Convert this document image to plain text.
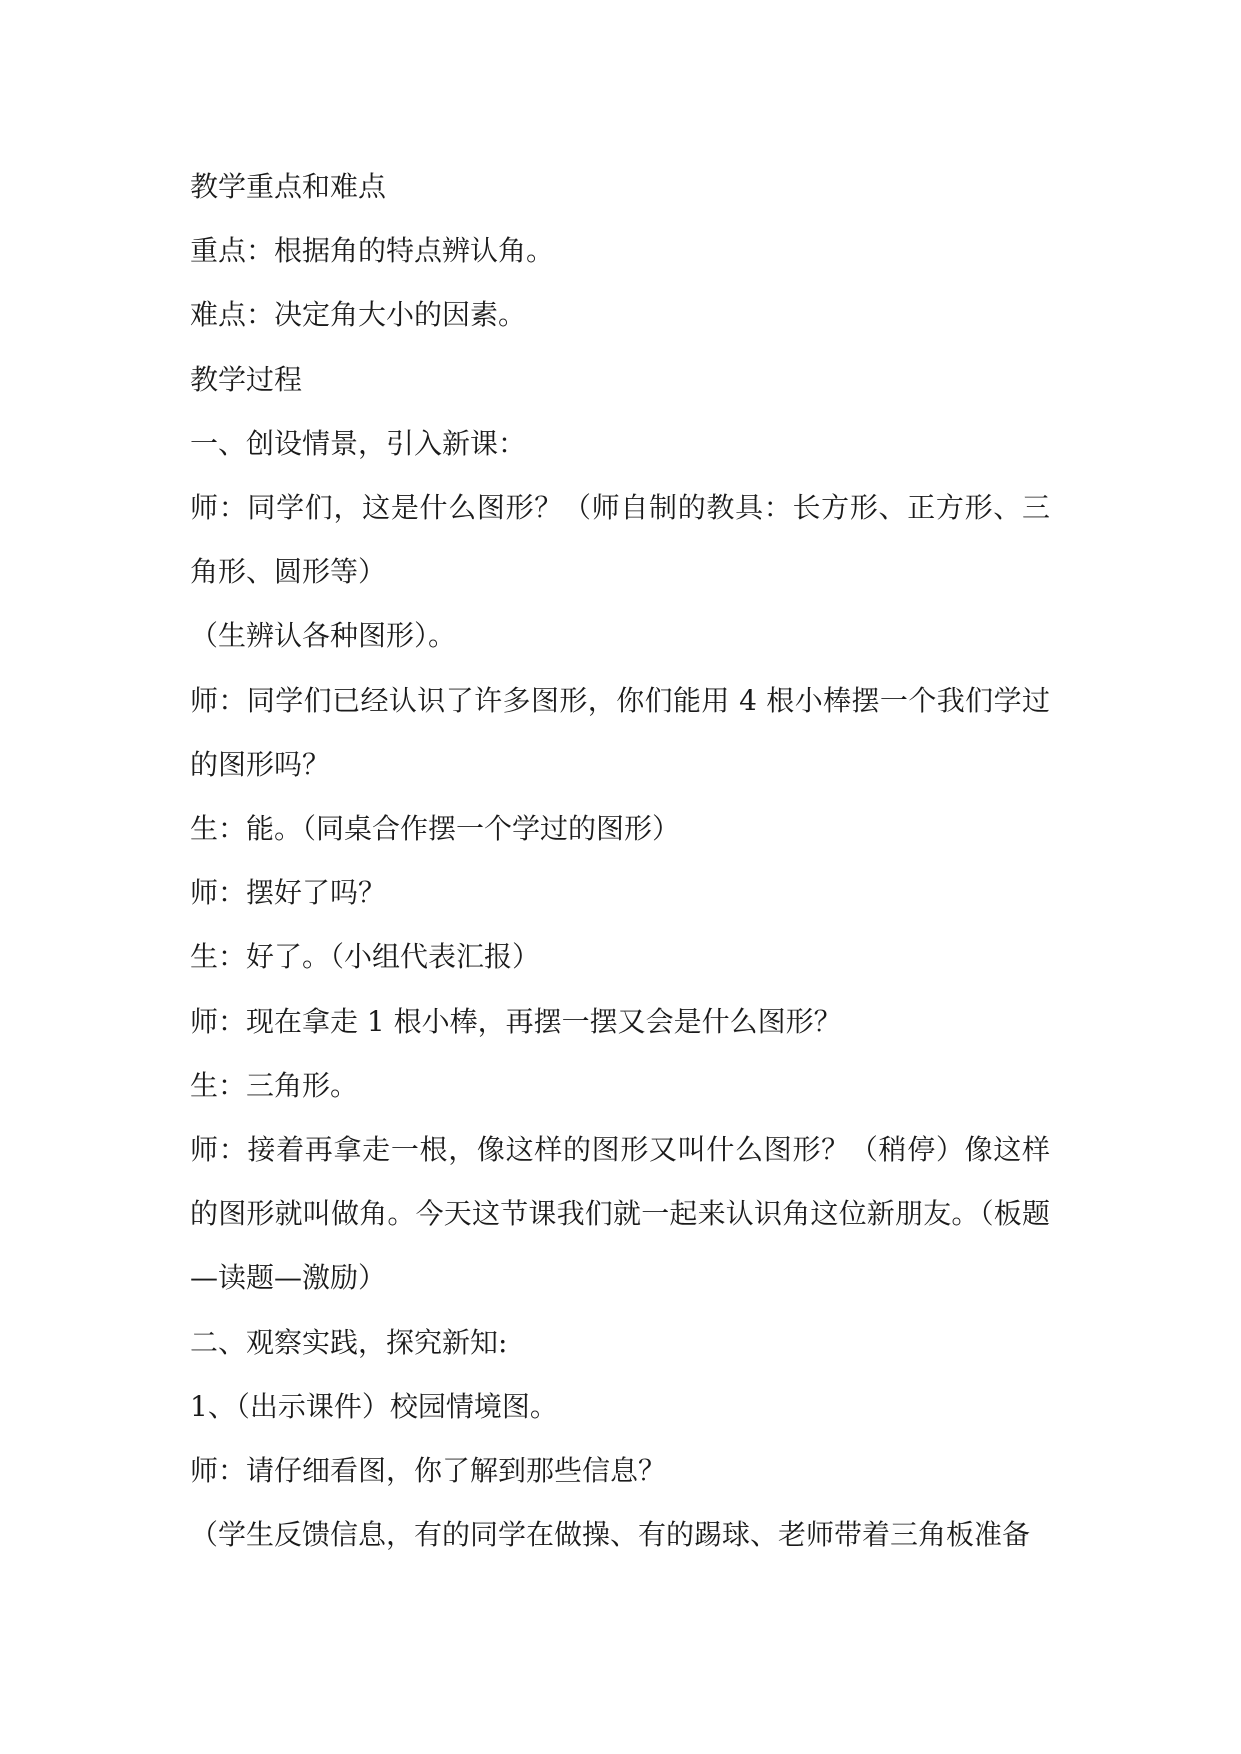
教学重点和难点

重点：根据角的特点辨认角。

难点：决定角大小的因素。

教学过程

一、创设情景，引入新课：

师：同学们，这是什么图形？（师自制的教具：长方形、正方形、三角形、圆形等）

（生辨认各种图形）。

师：同学们已经认识了许多图形，你们能用 4 根小棒摆一个我们学过的图形吗？

生：能。（同桌合作摆一个学过的图形）

师：摆好了吗？

生：好了。（小组代表汇报）

师：现在拿走 1 根小棒，再摆一摆又会是什么图形？

生：三角形。

师：接着再拿走一根，像这样的图形又叫什么图形？（稍停）像这样的图形就叫做角。今天这节课我们就一起来认识角这位新朋友。（板题—读题—激励）

二、观察实践，探究新知:

1、（出示课件）校园情境图。

师：请仔细看图，你了解到那些信息？

（学生反馈信息，有的同学在做操、有的踢球、老师带着三角板准备
